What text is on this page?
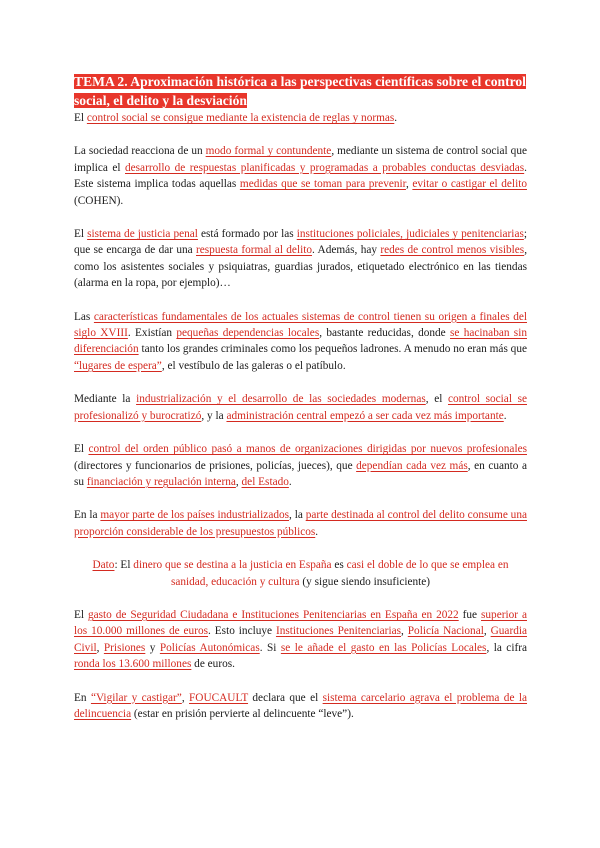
TEMA 2. Aproximación histórica a las perspectivas científicas sobre el control social, el delito y la desviación

El control social se consigue mediante la existencia de reglas y normas.

La sociedad reacciona de un modo formal y contundente, mediante un sistema de control social que implica el desarrollo de respuestas planificadas y programadas a probables conductas desviadas. Este sistema implica todas aquellas medidas que se toman para prevenir, evitar o castigar el delito (COHEN).

El sistema de justicia penal está formado por las instituciones policiales, judiciales y penitenciarias; que se encarga de dar una respuesta formal al delito. Además, hay redes de control menos visibles, como los asistentes sociales y psiquiatras, guardias jurados, etiquetado electrónico en las tiendas (alarma en la ropa, por ejemplo)…

Las características fundamentales de los actuales sistemas de control tienen su origen a finales del siglo XVIII. Existían pequeñas dependencias locales, bastante reducidas, donde se hacinaban sin diferenciación tanto los grandes criminales como los pequeños ladrones. A menudo no eran más que “lugares de espera”, el vestíbulo de las galeras o el patíbulo.

Mediante la industrialización y el desarrollo de las sociedades modernas, el control social se profesionalizó y burocratizó, y la administración central empezó a ser cada vez más importante.

El control del orden público pasó a manos de organizaciones dirigidas por nuevos profesionales (directores y funcionarios de prisiones, policías, jueces), que dependían cada vez más, en cuanto a su financiación y regulación interna, del Estado.

En la mayor parte de los países industrializados, la parte destinada al control del delito consume una proporción considerable de los presupuestos públicos.

Dato: El dinero que se destina a la justicia en España es casi el doble de lo que se emplea en sanidad, educación y cultura (y sigue siendo insuficiente)

El gasto de Seguridad Ciudadana e Instituciones Penitenciarias en España en 2022 fue superior a los 10.000 millones de euros. Esto incluye Instituciones Penitenciarias, Policía Nacional, Guardia Civil, Prisiones y Policías Autonómicas. Si se le añade el gasto en las Policías Locales, la cifra ronda los 13.600 millones de euros.

En “Vigilar y castigar”, FOUCAULT declara que el sistema carcelario agrava el problema de la delincuencia (estar en prisión pervierte al delincuente “leve”).
